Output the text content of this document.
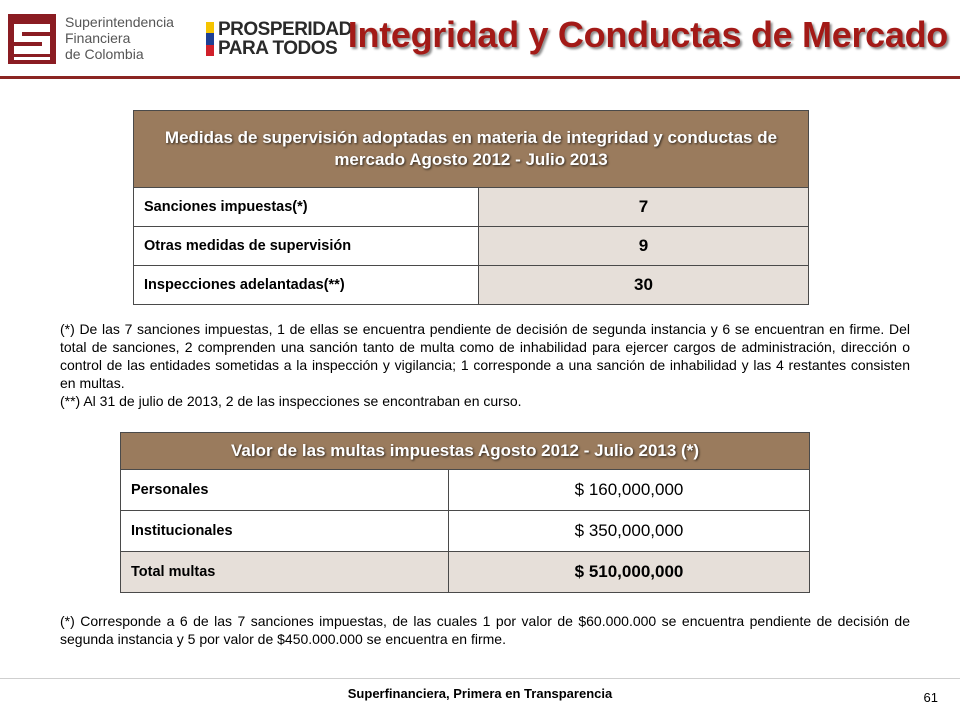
Superintendencia
Financiera
de Colombia
PROSPERIDAD
PARA TODOS Integridad y Conductas de Mercado
Medidas de supervisión adoptadas en materia de integridad y conductas de mercado Agosto 2012 - Julio 2013	
Sanciones impuestas(*)	7
Otras medidas de supervisión	9
Inspecciones adelantadas(**)	30
(*) De las 7 sanciones impuestas, 1 de ellas se encuentra pendiente de decisión de segunda instancia y 6 se encuentran en firme. Del total de sanciones, 2 comprenden una sanción tanto de multa como de inhabilidad para ejercer cargos de administración, dirección o control de las entidades sometidas a la inspección y vigilancia; 1 corresponde a una sanción de inhabilidad y las 4 restantes consisten en multas.
(**) Al 31 de julio de 2013, 2 de las inspecciones se encontraban en curso.
Valor de las multas impuestas Agosto 2012 - Julio 2013 (*)	
Personales	$ 160,000,000
Institucionales	$ 350,000,000
Total multas	$ 510,000,000
(*) Corresponde a 6 de las 7 sanciones impuestas, de las cuales 1 por valor de $60.000.000 se encuentra pendiente de decisión de segunda instancia y 5 por valor de $450.000.000 se encuentra en firme.
Superfinanciera, Primera en Transparencia	61
